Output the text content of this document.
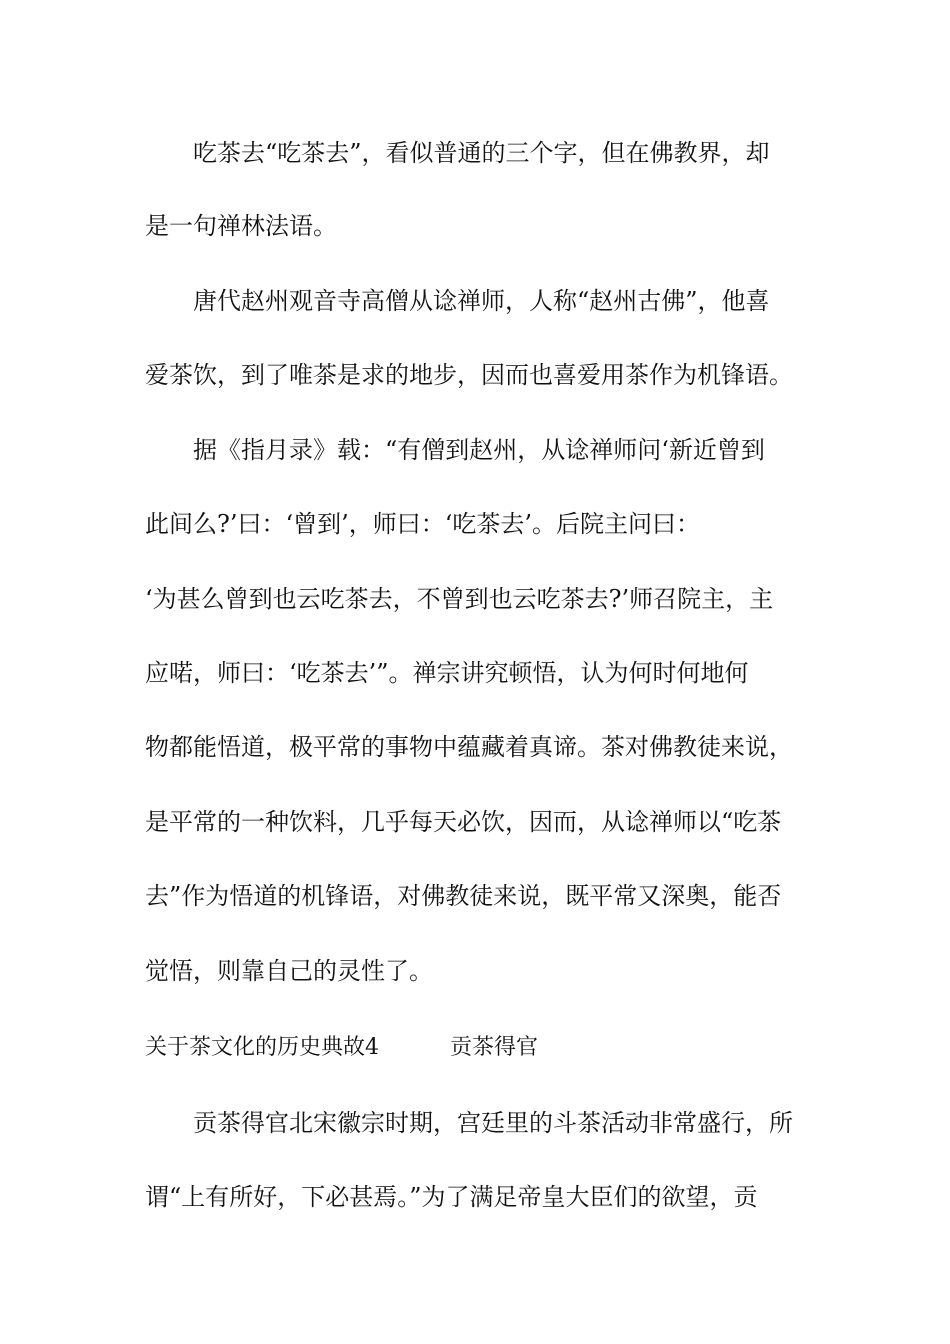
吃茶去“吃茶去”，看似普通的三个字，但在佛教界，却
是一句禅林法语。
唐代赵州观音寺高僧从谂禅师，人称“赵州古佛”，他喜
爱茶饮，到了唯茶是求的地步，因而也喜爱用茶作为机锋语。
据《指月录》载：“有僧到赵州，从谂禅师问‘新近曾到
此间么?’曰：‘曾到’，师曰：‘吃茶去’。后院主问曰：
‘为甚么曾到也云吃茶去，不曾到也云吃茶去?’师召院主，主
应喏，师曰：‘吃茶去’”。禅宗讲究顿悟，认为何时何地何
物都能悟道，极平常的事物中蕴藏着真谛。茶对佛教徒来说，
是平常的一种饮料，几乎每天必饮，因而，从谂禅师以“吃茶
去”作为悟道的机锋语，对佛教徒来说，既平常又深奥，能否
觉悟，则靠自己的灵性了。
关于茶文化的历史典故4	贡茶得官
贡茶得官北宋徽宗时期，宫廷里的斗茶活动非常盛行，所
谓“上有所好，下必甚焉。”为了满足帝皇大臣们的欲望，贡
